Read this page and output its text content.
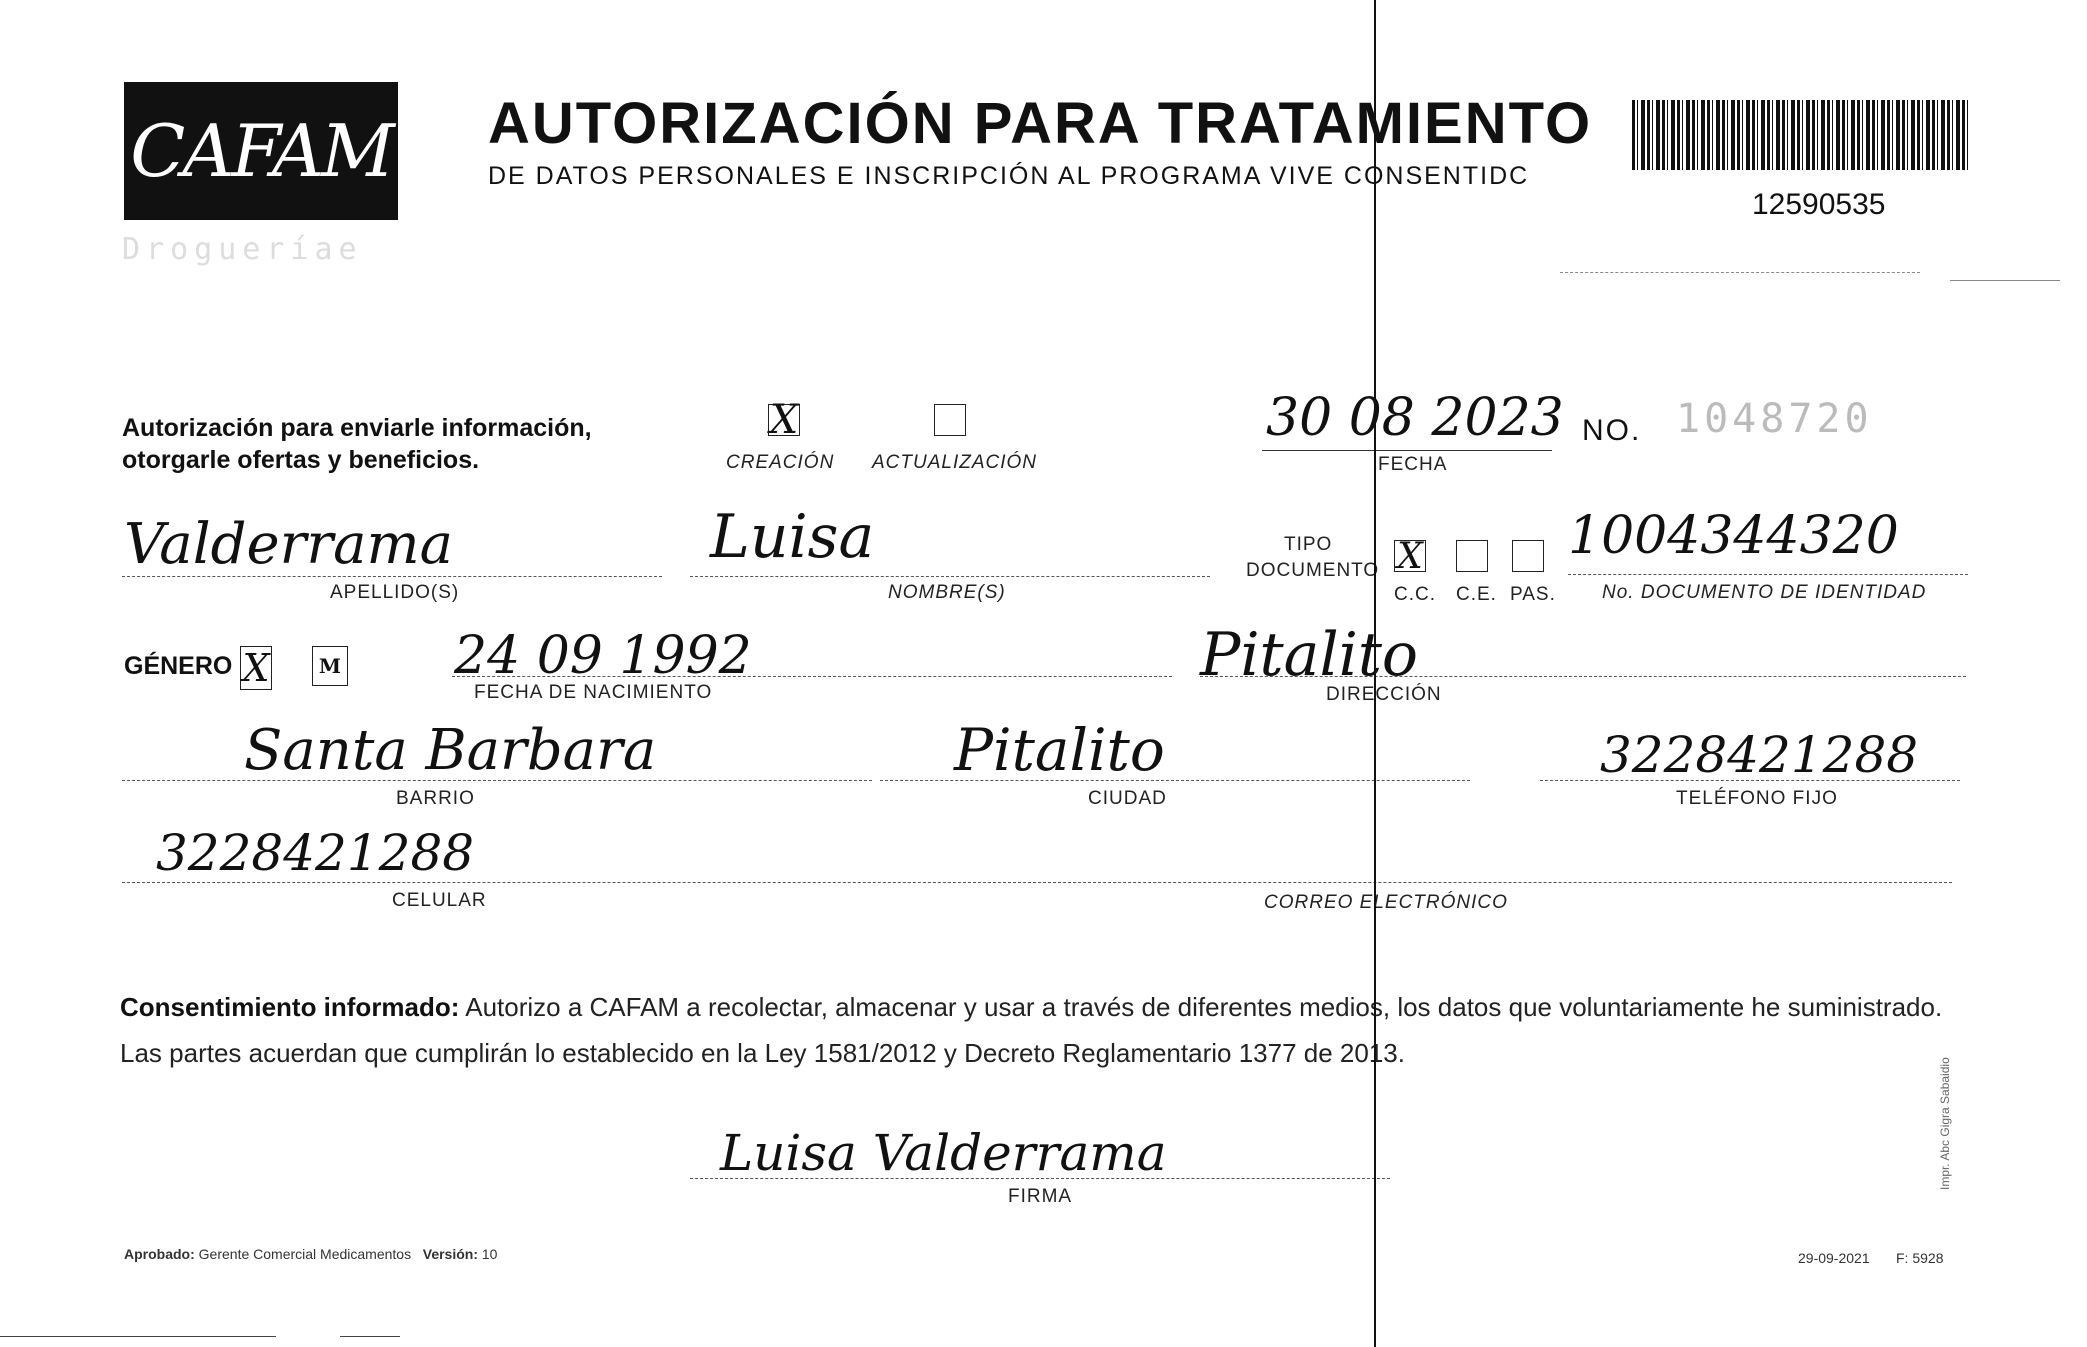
CAFAM
Drogueríae
AUTORIZACIÓN PARA TRATAMIENTO
DE DATOS PERSONALES E INSCRIPCIÓN AL PROGRAMA VIVE CONSENTIDC
12590535
Autorización para enviarle información,
otorgarle ofertas y beneficios.
X
CREACIÓN ACTUALIZACIÓN
30 08 2023
FECHA
NO. 1048720
Valderrama
APELLIDO(S)
Luisa
NOMBRE(S)
TIPO
DOCUMENTO X
C.C. C.E. PAS.
1004344320
No. DOCUMENTO DE IDENTIDAD
GÉNERO X M 24 09 1992
FECHA DE NACIMIENTO
Pitalito
DIRECCIÓN
Santa Barbara
BARRIO
Pitalito
CIUDAD
3228421288
TELÉFONO FIJO
3228421288
CELULAR	CORREO ELECTRÓNICO
Consentimiento informado: Autorizo a CAFAM a recolectar, almacenar y usar a través de diferentes medios, los datos que voluntariamente he suministrado. Las partes acuerdan que cumplirán lo establecido en la Ley 1581/2012 y Decreto Reglamentario 1377 de 2013.
Luisa Valderrama
FIRMA
Aprobado: Gerente Comercial Medicamentos Versión: 10	29-09-2021 F: 5928
Impr. Abc Gigra Sabaidio
